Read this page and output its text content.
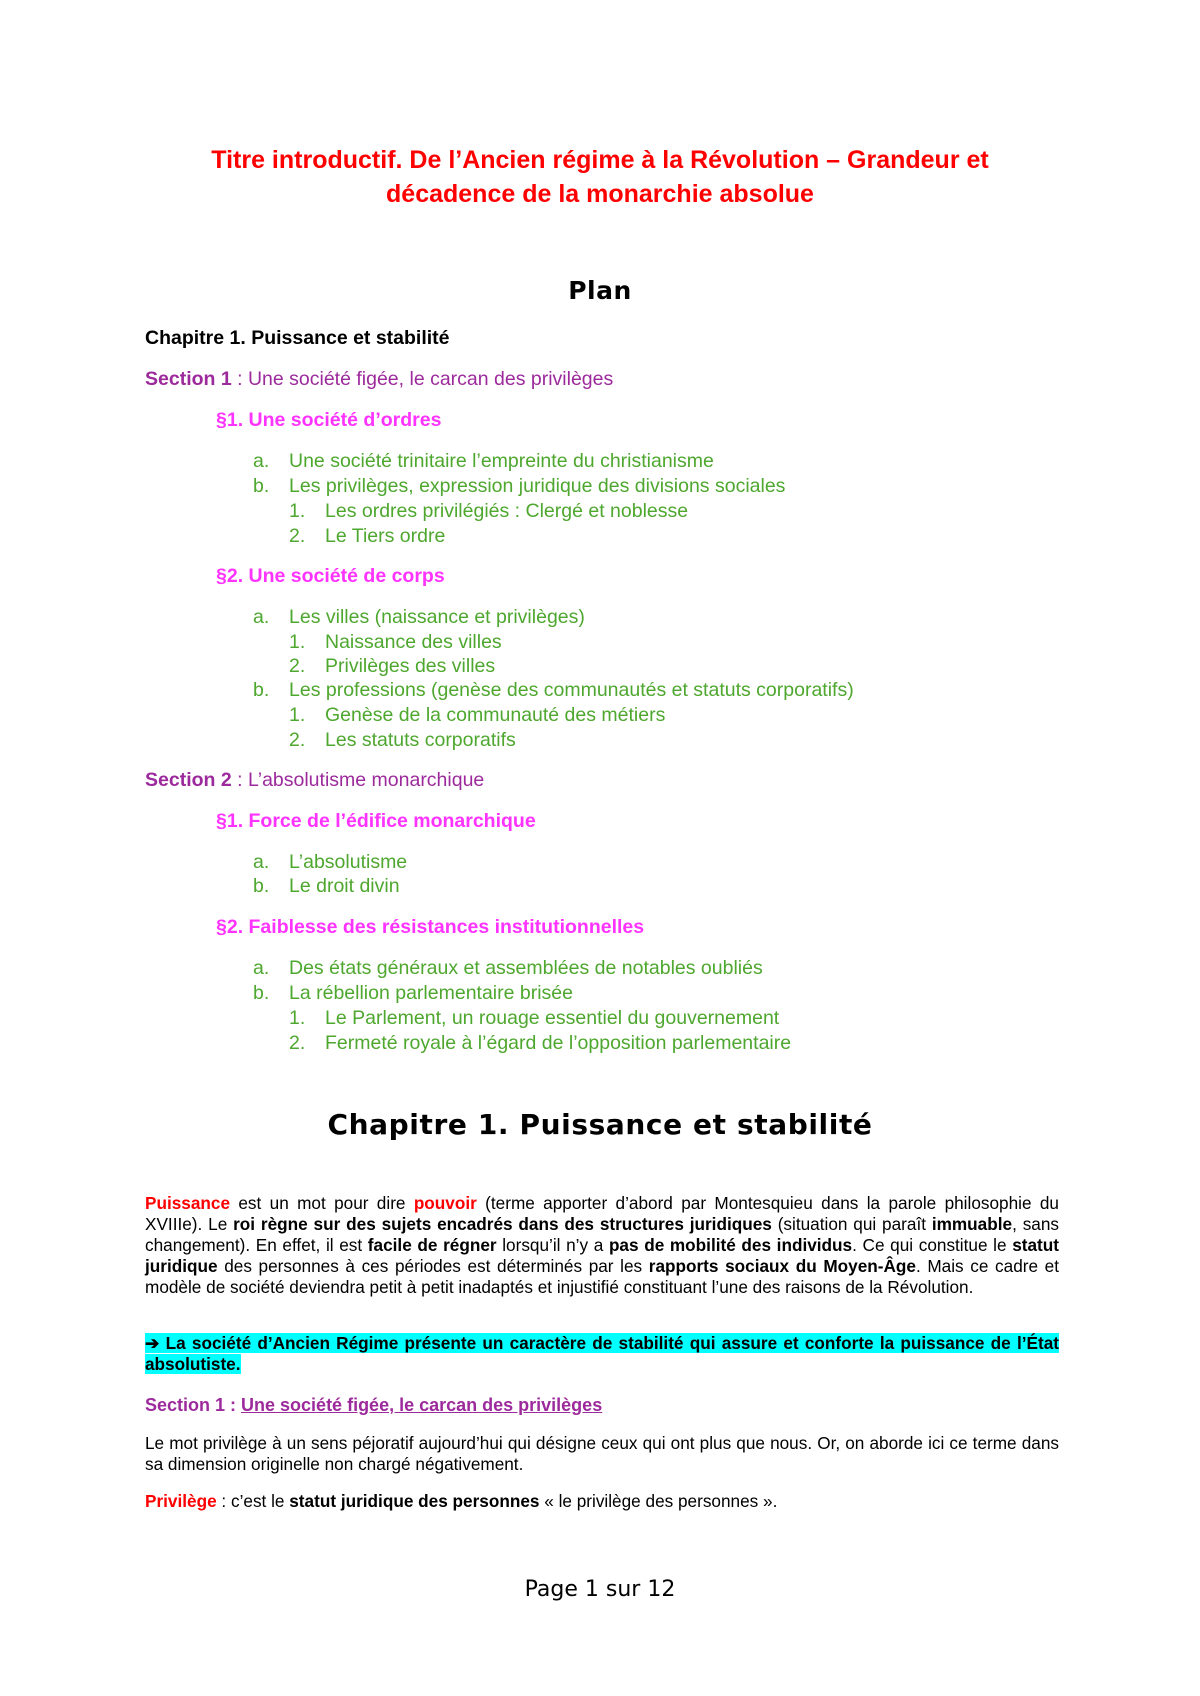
Titre introductif. De l’Ancien régime à la Révolution – Grandeur et décadence de la monarchie absolue
Plan
Chapitre 1. Puissance et stabilité
Section 1 : Une société figée, le carcan des privilèges
§1. Une société d’ordres
a. Une société trinitaire l’empreinte du christianisme
b. Les privilèges, expression juridique des divisions sociales
1. Les ordres privilégiés : Clergé et noblesse
2. Le Tiers ordre
§2. Une société de corps
a. Les villes (naissance et privilèges)
1. Naissance des villes
2. Privilèges des villes
b. Les professions (genèse des communautés et statuts corporatifs)
1. Genèse de la communauté des métiers
2. Les statuts corporatifs
Section 2 : L’absolutisme monarchique
§1. Force de l’édifice monarchique
a. L’absolutisme
b. Le droit divin
§2. Faiblesse des résistances institutionnelles
a. Des états généraux et assemblées de notables oubliés
b. La rébellion parlementaire brisée
1. Le Parlement, un rouage essentiel du gouvernement
2. Fermeté royale à l’égard de l’opposition parlementaire
Chapitre 1. Puissance et stabilité
Puissance est un mot pour dire pouvoir (terme apporter d’abord par Montesquieu dans la parole philosophie du XVIIIe). Le roi règne sur des sujets encadrés dans des structures juridiques (situation qui paraît immuable, sans changement). En effet, il est facile de régner lorsqu’il n’y a pas de mobilité des individus. Ce qui constitue le statut juridique des personnes à ces périodes est déterminés par les rapports sociaux du Moyen-Âge. Mais ce cadre et modèle de société deviendra petit à petit inadaptés et injustifié constituant l’une des raisons de la Révolution.
➔ La société d’Ancien Régime présente un caractère de stabilité qui assure et conforte la puissance de l’État absolutiste.
Section 1 : Une société figée, le carcan des privilèges
Le mot privilège à un sens péjoratif aujourd’hui qui désigne ceux qui ont plus que nous. Or, on aborde ici ce terme dans sa dimension originelle non chargé négativement.
Privilège : c’est le statut juridique des personnes « le privilège des personnes ».
Page 1 sur 12
